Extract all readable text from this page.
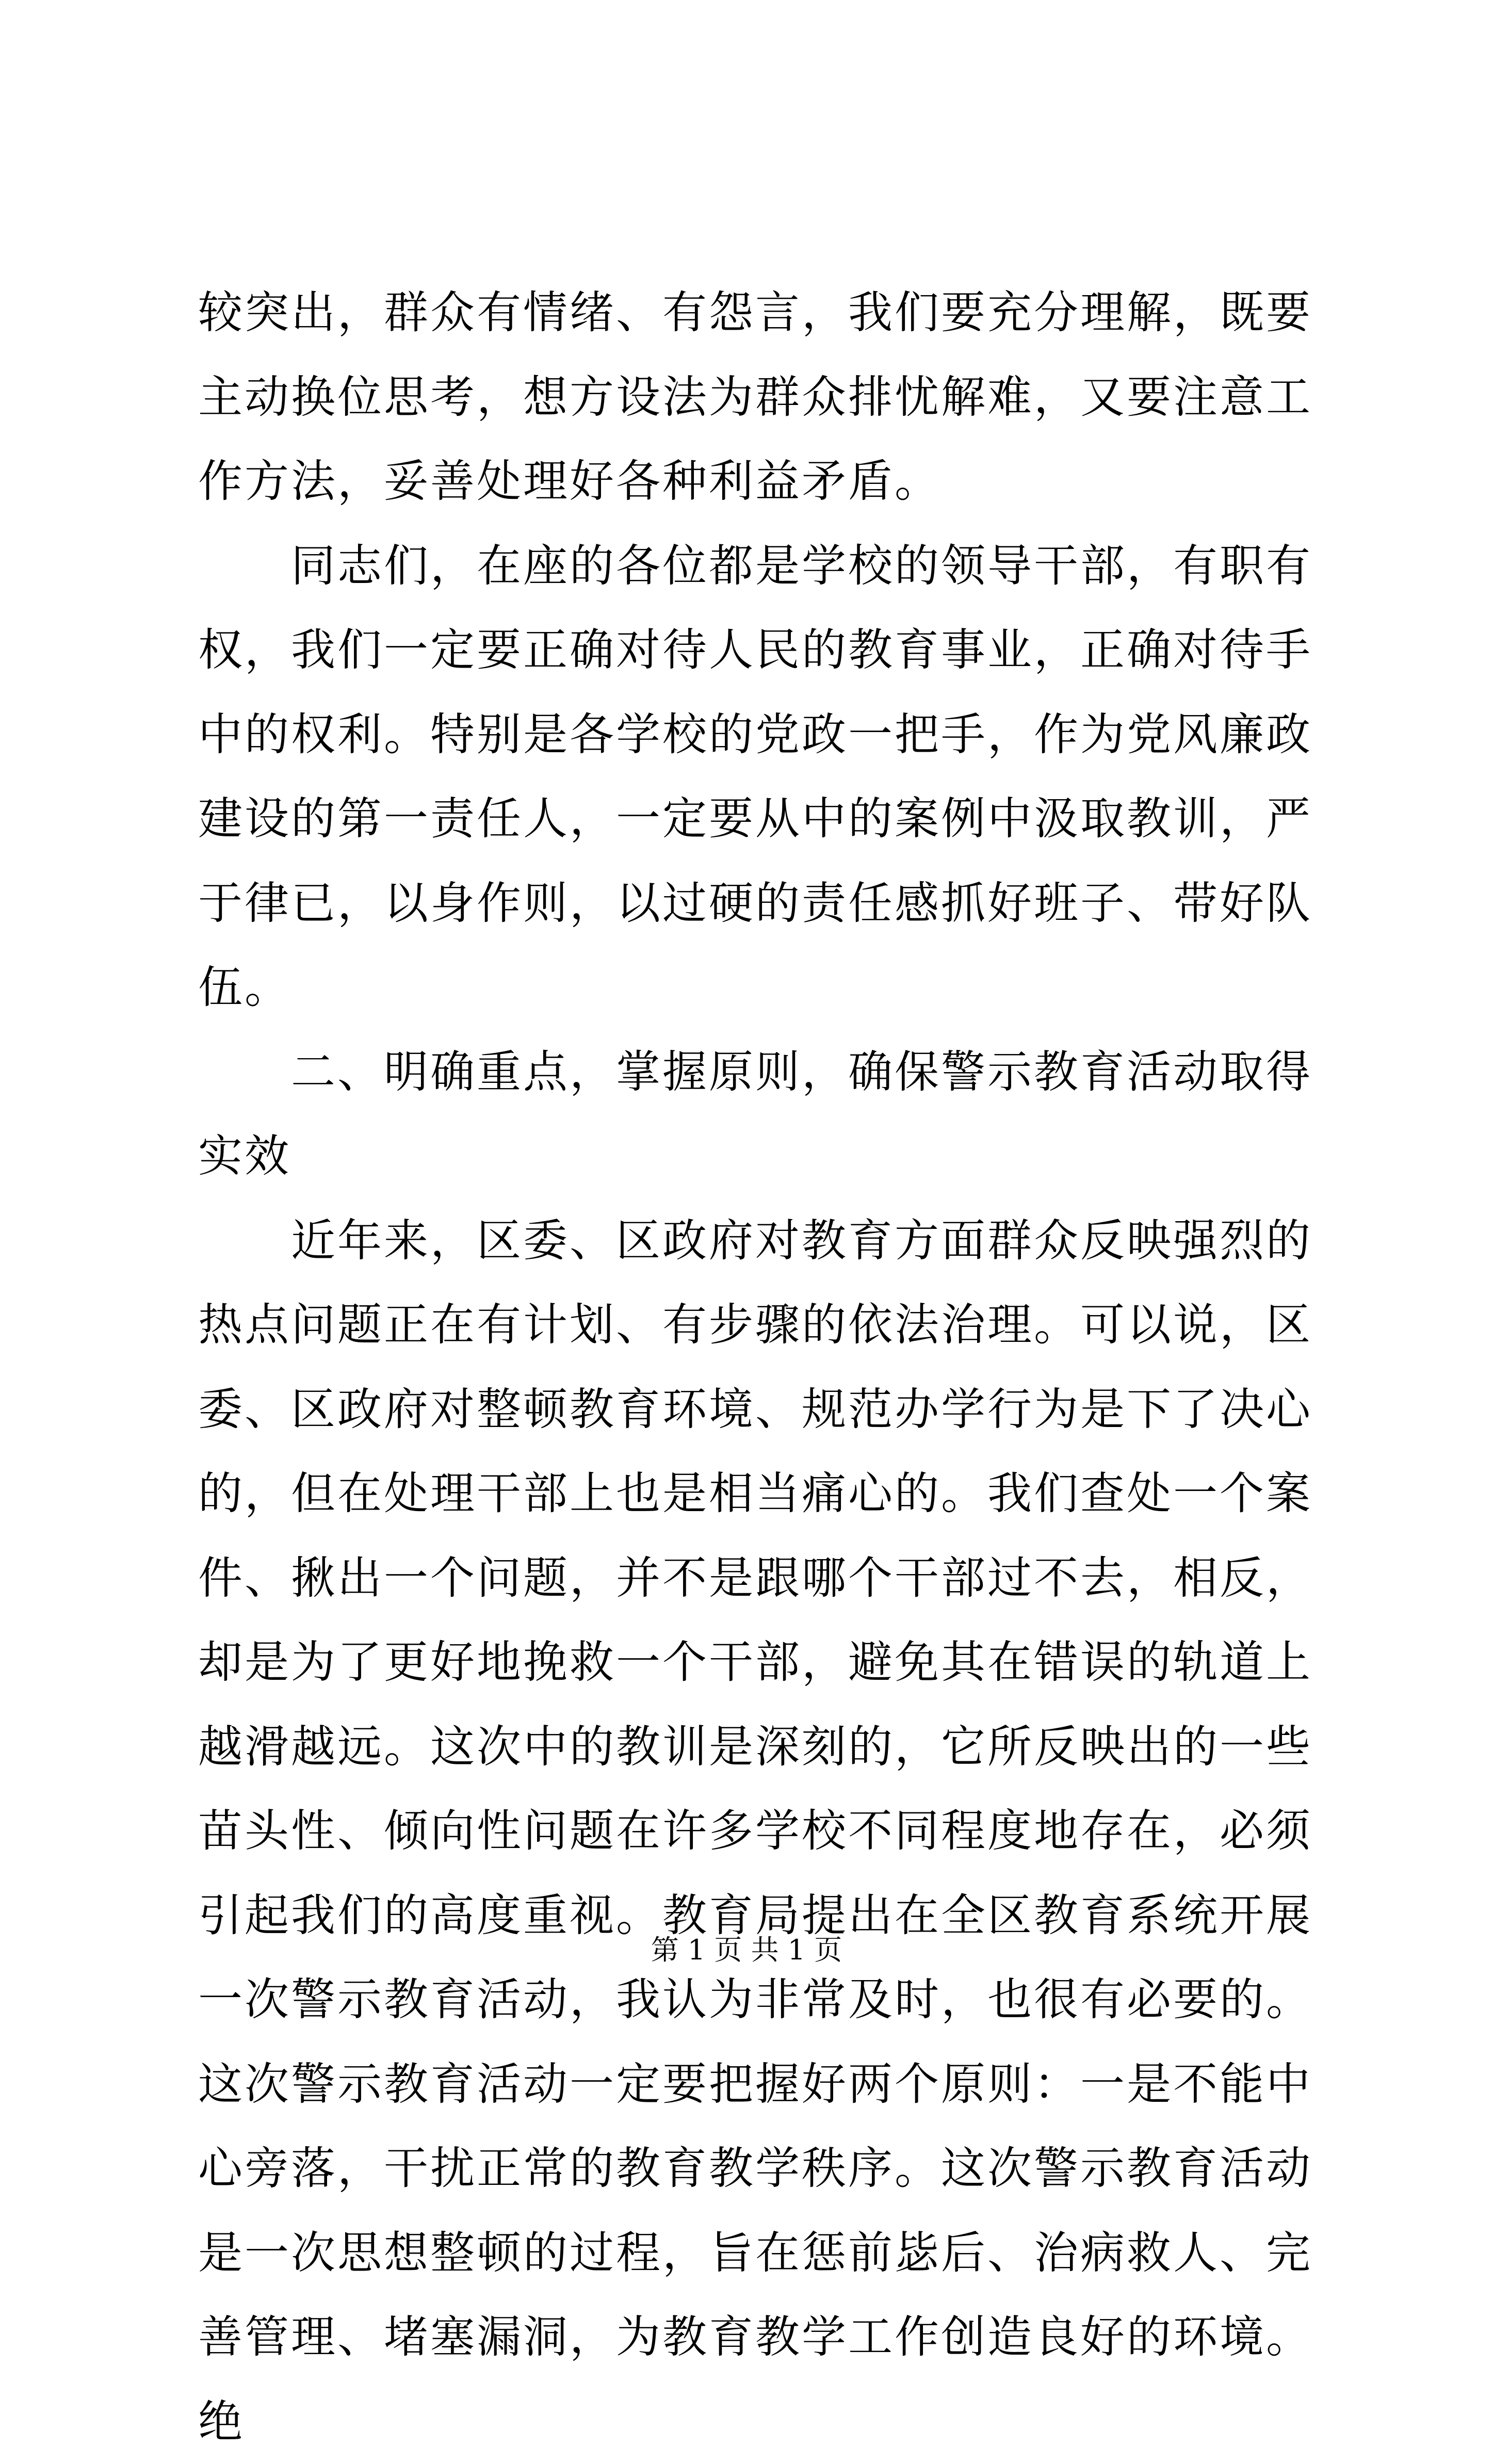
较突出，群众有情绪、有怨言，我们要充分理解，既要主动换位思考，想方设法为群众排忧解难，又要注意工作方法，妥善处理好各种利益矛盾。

同志们，在座的各位都是学校的领导干部，有职有权，我们一定要正确对待人民的教育事业，正确对待手中的权利。特别是各学校的党政一把手，作为党风廉政建设的第一责任人，一定要从中的案例中汲取教训，严于律已，以身作则，以过硬的责任感抓好班子、带好队伍。

二、明确重点，掌握原则，确保警示教育活动取得实效

近年来，区委、区政府对教育方面群众反映强烈的热点问题正在有计划、有步骤的依法治理。可以说，区委、区政府对整顿教育环境、规范办学行为是下了决心的，但在处理干部上也是相当痛心的。我们查处一个案件、揪出一个问题，并不是跟哪个干部过不去，相反，却是为了更好地挽救一个干部，避免其在错误的轨道上越滑越远。这次中的教训是深刻的，它所反映出的一些苗头性、倾向性问题在许多学校不同程度地存在，必须引起我们的高度重视。教育局提出在全区教育系统开展一次警示教育活动，我认为非常及时，也很有必要的。这次警示教育活动一定要把握好两个原则：一是不能中心旁落，干扰正常的教育教学秩序。这次警示教育活动是一次思想整顿的过程，旨在惩前毖后、治病救人、完善管理、堵塞漏洞，为教育教学工作创造良好的环境。绝

第 1 页 共 1 页
